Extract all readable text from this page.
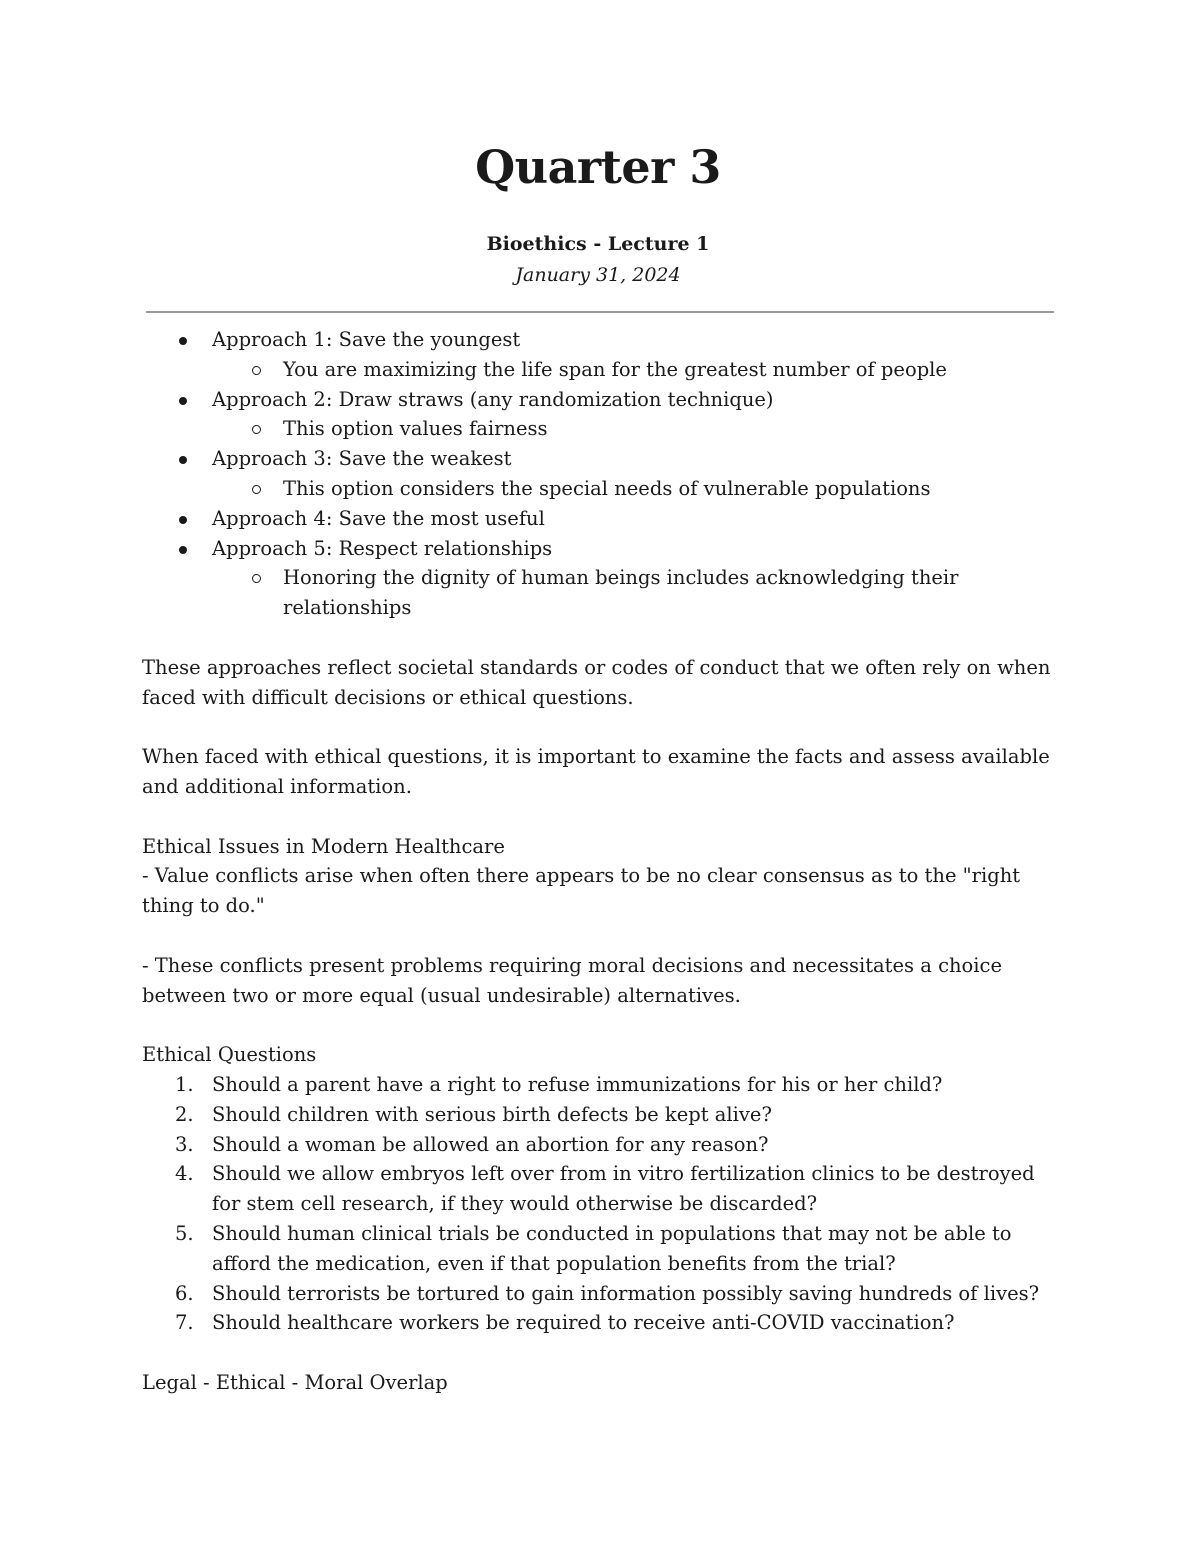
Quarter 3
Bioethics - Lecture 1
January 31, 2024

Approach 1: Save the youngest

You are maximizing the life span for the greatest number of people

Approach 2: Draw straws (any randomization technique)

This option values fairness

Approach 3: Save the weakest

This option considers the special needs of vulnerable populations

Approach 4: Save the most useful

Approach 5: Respect relationships

Honoring the dignity of human beings includes acknowledging their relationships

These approaches reflect societal standards or codes of conduct that we often rely on when faced with difficult decisions or ethical questions.

When faced with ethical questions, it is important to examine the facts and assess available and additional information.

Ethical Issues in Modern Healthcare

- Value conflicts arise when often there appears to be no clear consensus as to the "right thing to do."

- These conflicts present problems requiring moral decisions and necessitates a choice between two or more equal (usual undesirable) alternatives.

Ethical Questions

1. Should a parent have a right to refuse immunizations for his or her child?

2. Should children with serious birth defects be kept alive?

3. Should a woman be allowed an abortion for any reason?

4. Should we allow embryos left over from in vitro fertilization clinics to be destroyed for stem cell research, if they would otherwise be discarded?

5. Should human clinical trials be conducted in populations that may not be able to afford the medication, even if that population benefits from the trial?

6. Should terrorists be tortured to gain information possibly saving hundreds of lives?

7. Should healthcare workers be required to receive anti-COVID vaccination?

Legal - Ethical - Moral Overlap
